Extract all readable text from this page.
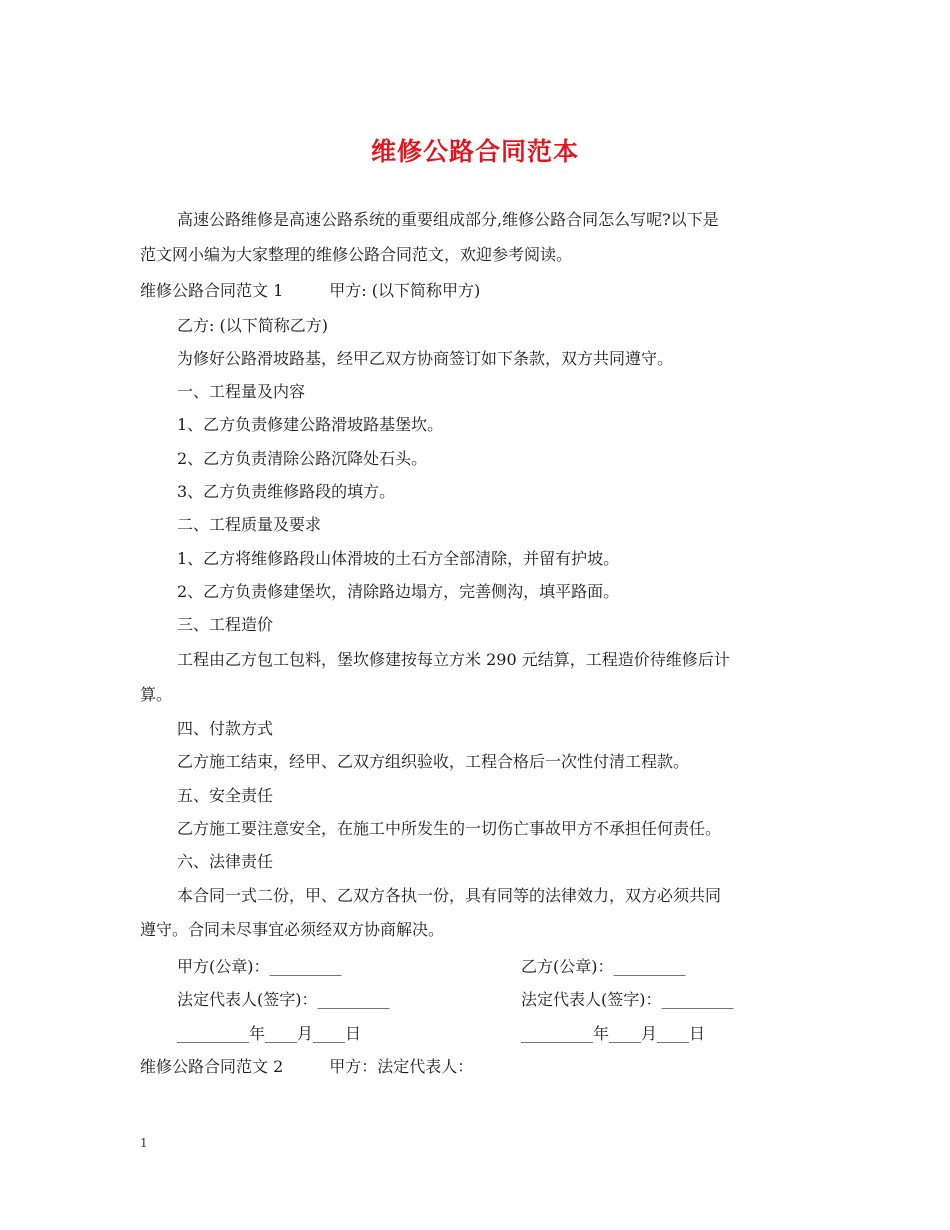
维修公路合同范本
高速公路维修是高速公路系统的重要组成部分,维修公路合同怎么写呢?以下是
范文网小编为大家整理的维修公路合同范文，欢迎参考阅读。
维修公路合同范文 1	甲方: (以下简称甲方)
乙方: (以下简称乙方)
为修好公路滑坡路基，经甲乙双方协商签订如下条款，双方共同遵守。
一、工程量及内容
1、乙方负责修建公路滑坡路基堡坎。
2、乙方负责清除公路沉降处石头。
3、乙方负责维修路段的填方。
二、工程质量及要求
1、乙方将维修路段山体滑坡的土石方全部清除，并留有护坡。
2、乙方负责修建堡坎，清除路边塌方，完善侧沟，填平路面。
三、工程造价
工程由乙方包工包料，堡坎修建按每立方米 290 元结算，工程造价待维修后计
算。
四、付款方式
乙方施工结束，经甲、乙双方组织验收，工程合格后一次性付清工程款。
五、安全责任
乙方施工要注意安全，在施工中所发生的一切伤亡事故甲方不承担任何责任。
六、法律责任
本合同一式二份，甲、乙双方各执一份，具有同等的法律效力，双方必须共同
遵守。合同未尽事宜必须经双方协商解决。
甲方(公章)：_________	乙方(公章)：_________
法定代表人(签字)：_________	法定代表人(签字)：_________
_________年____月____日	_________年____月____日
维修公路合同范文 2	甲方：法定代表人：
1
